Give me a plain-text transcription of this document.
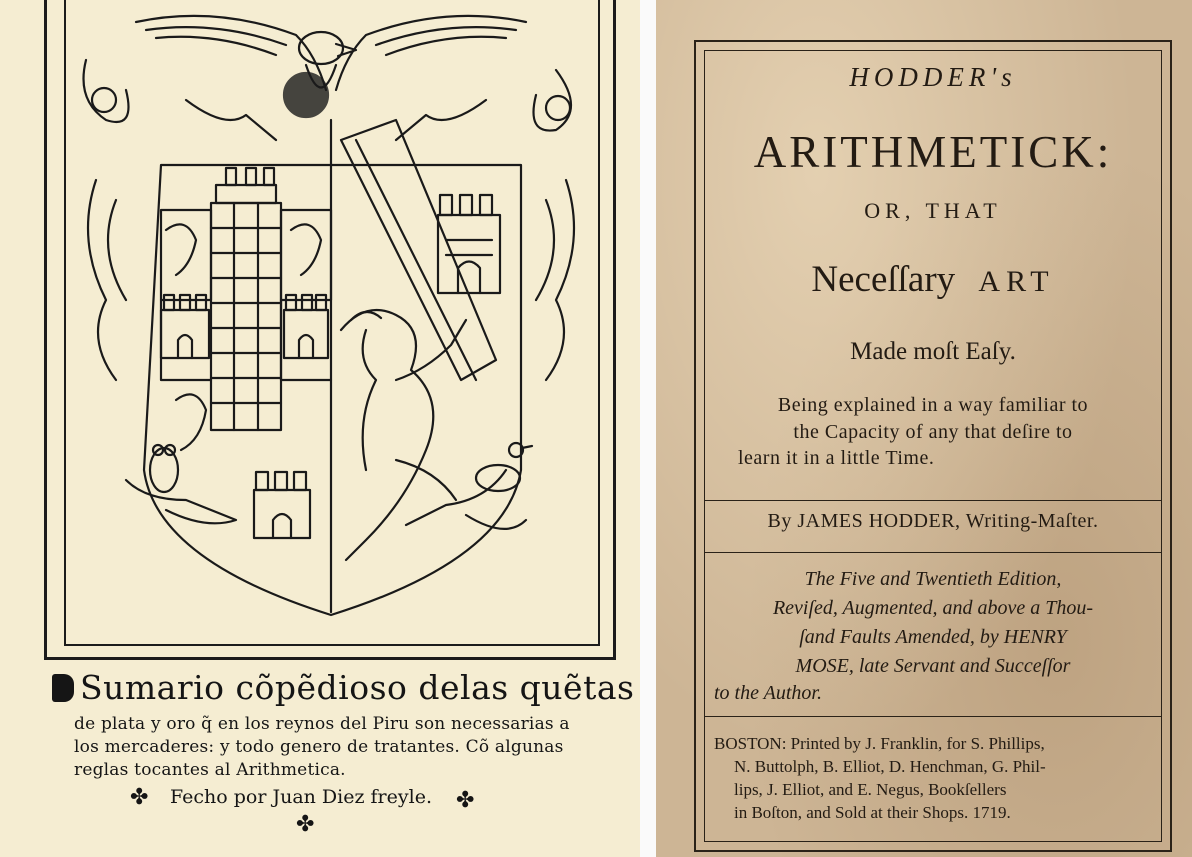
Sumario cõpẽdioso delas quẽtas
de plata y oro q̃ en los reynos del Piru son necessarias a
los mercaderes: y todo genero de tratantes. Cõ algunas
reglas tocantes al Arithmetica.
✤ Fecho por Juan Diez freyle. ✤
✤
HODDER's
ARITHMETICK:
OR, THAT
Neceſſary ART
Made moſt Eaſy.
Being explained in a way familiar to
the Capacity of any that deſire to
learn it in a little Time.
By JAMES HODDER, Writing-Maſter.
The Five and Twentieth Edition,
Reviſed, Augmented, and above a Thou-
ſand Faults Amended, by HENRY
MOSE, late Servant and Succeſſor
to the Author.
BOSTON: Printed by J. Franklin, for S. Phillips,
N. Buttolph, B. Elliot, D. Henchman, G. Phil-
lips, J. Elliot, and E. Negus, Bookſellers
in Boſton, and Sold at their Shops. 1719.
